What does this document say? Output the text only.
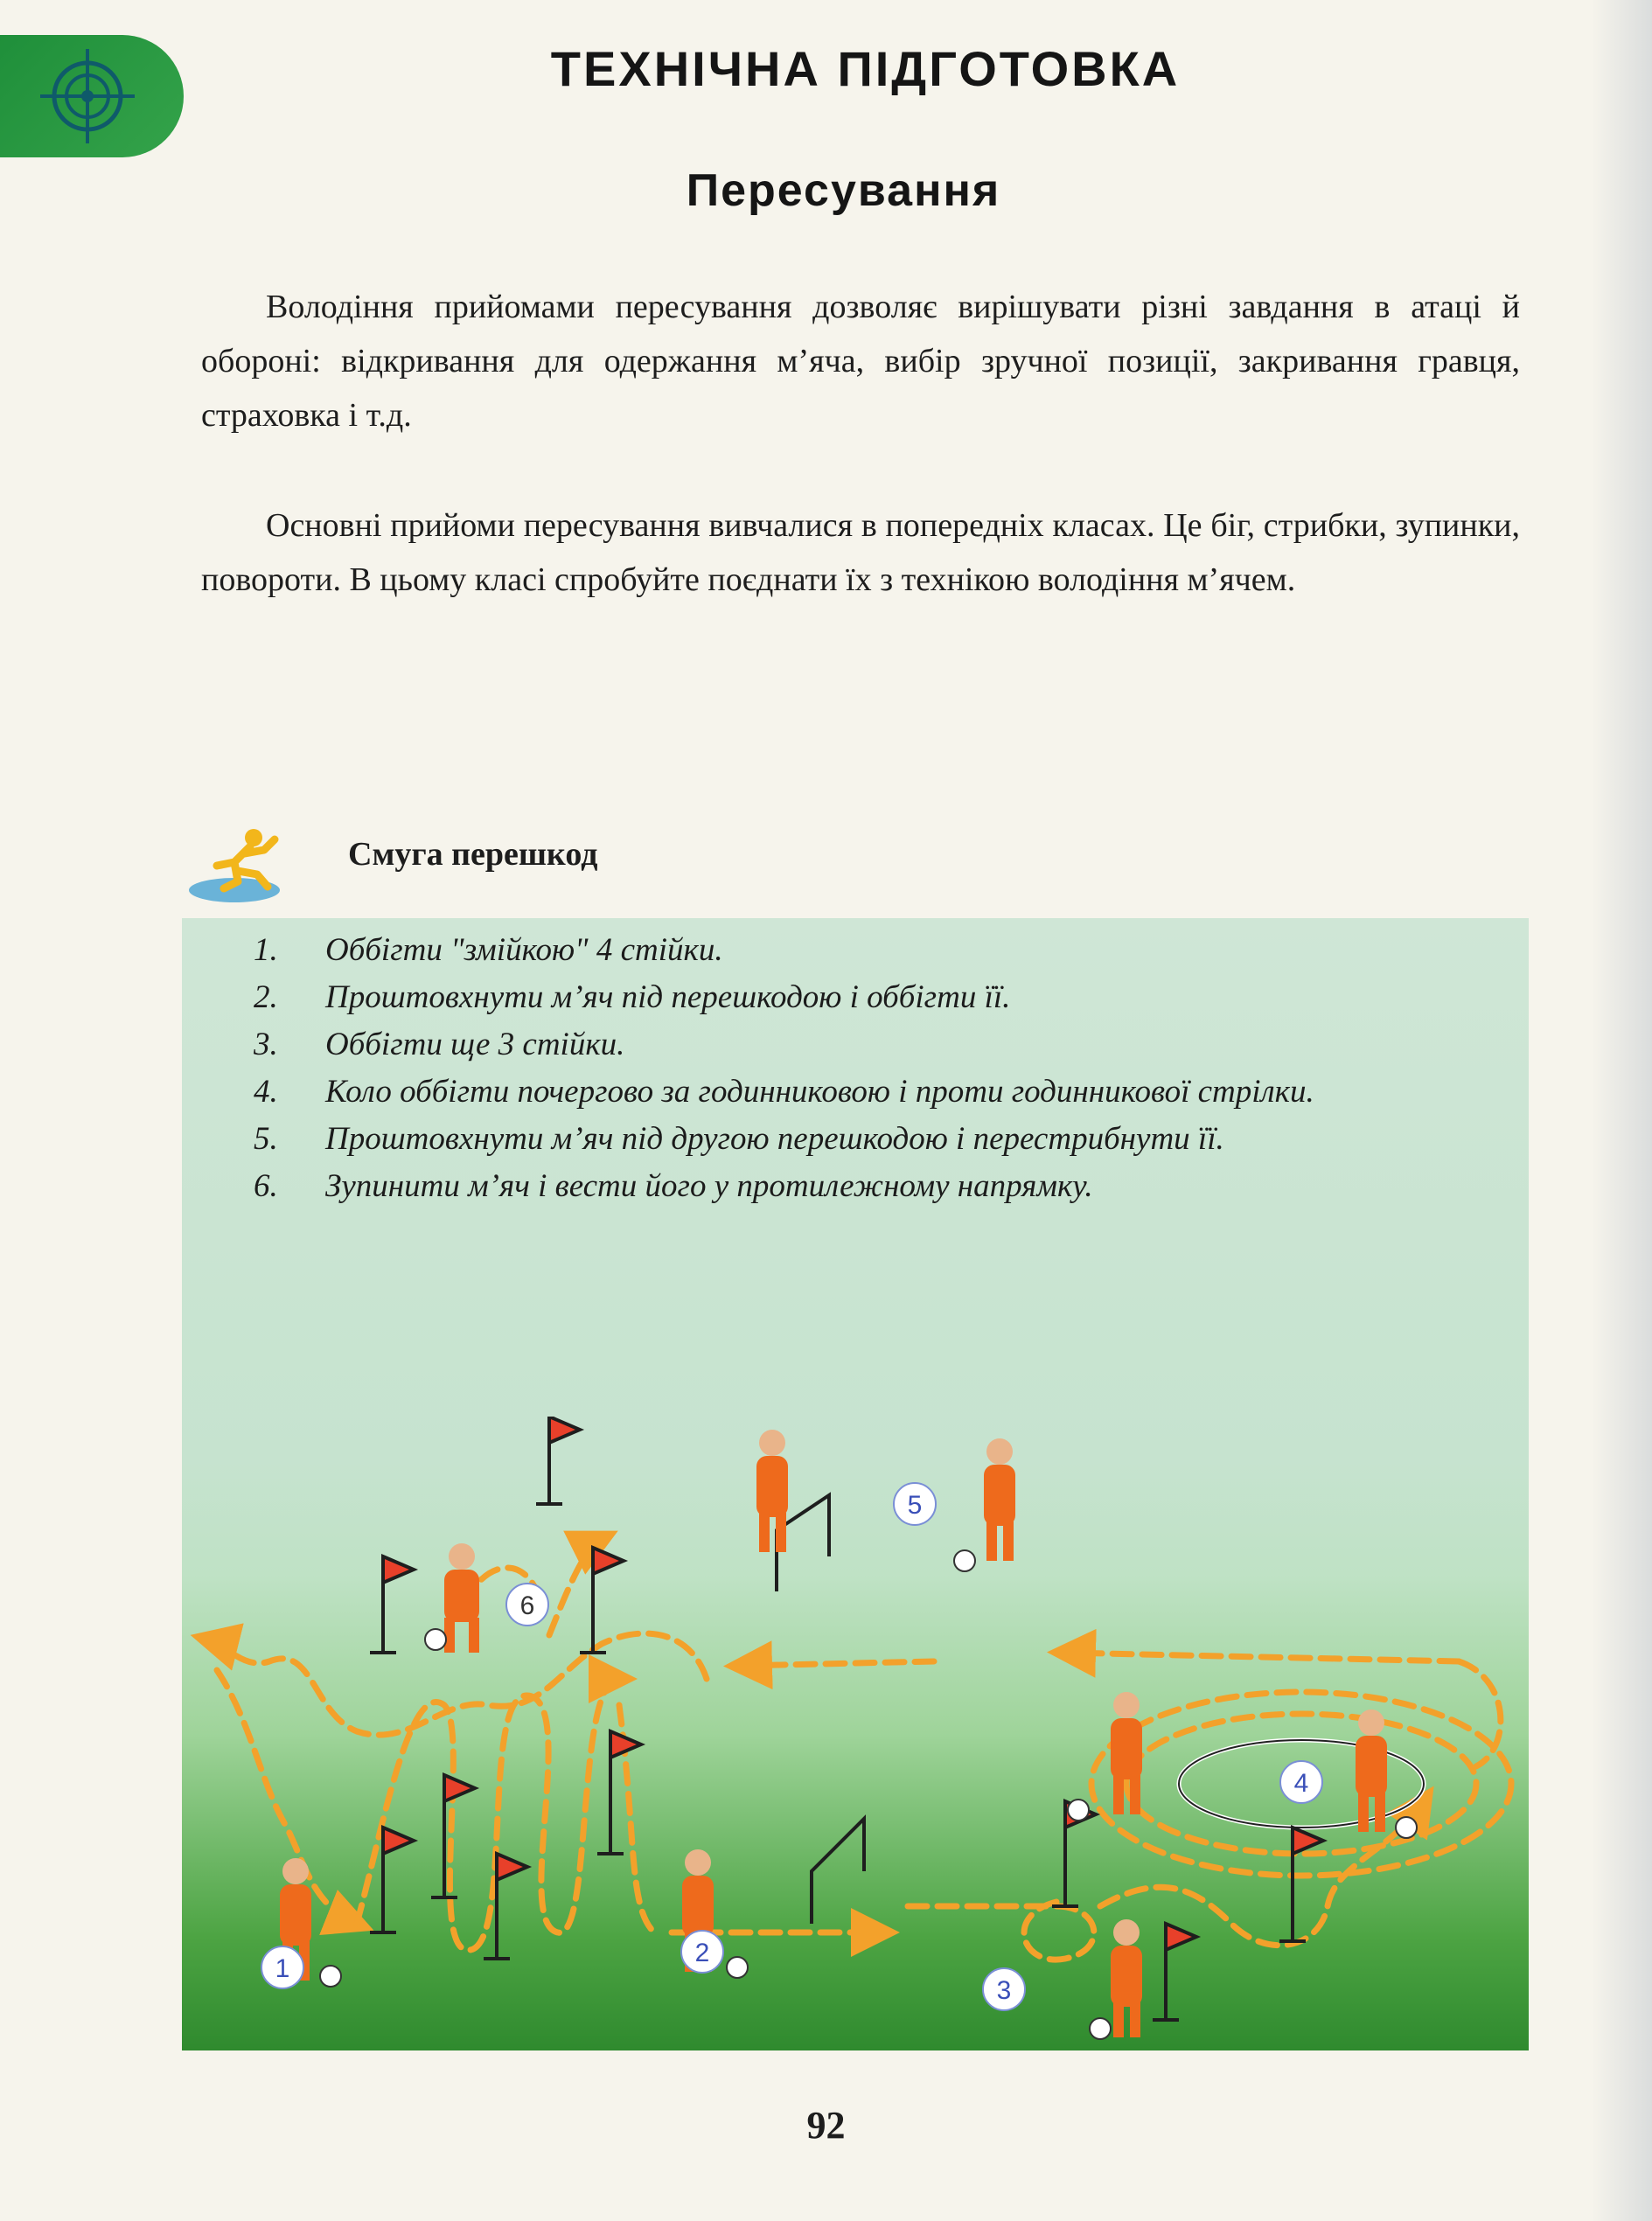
ТЕХНІЧНА ПІДГОТОВКА
Пересування

Володіння прийомами пересування дозволяє вирішувати різні завдання в атаці й обороні: відкривання для одержання м’яча, вибір зручної позиції, закривання гравця, страховка і т.д.

Основні прийоми пересування вивчалися в попередніх класах. Це біг, стрибки, зупинки, повороти. В цьому класі спробуйте поєднати їх з технікою володіння м’ячем.

Смуга перешкод

1. Оббігти "змійкою" 4 стійки.
2. Проштовхнути м’яч під перешкодою і оббігти її.
3. Оббігти ще 3 стійки.
4. Коло оббігти почергово за годинниковою і проти годинникової стрілки.
5. Проштовхнути м’яч під другою перешкодою і перестрибнути її.
6. Зупинити м’яч і вести його у протилежному напрямку.
1
2
3
4
5
6

92
